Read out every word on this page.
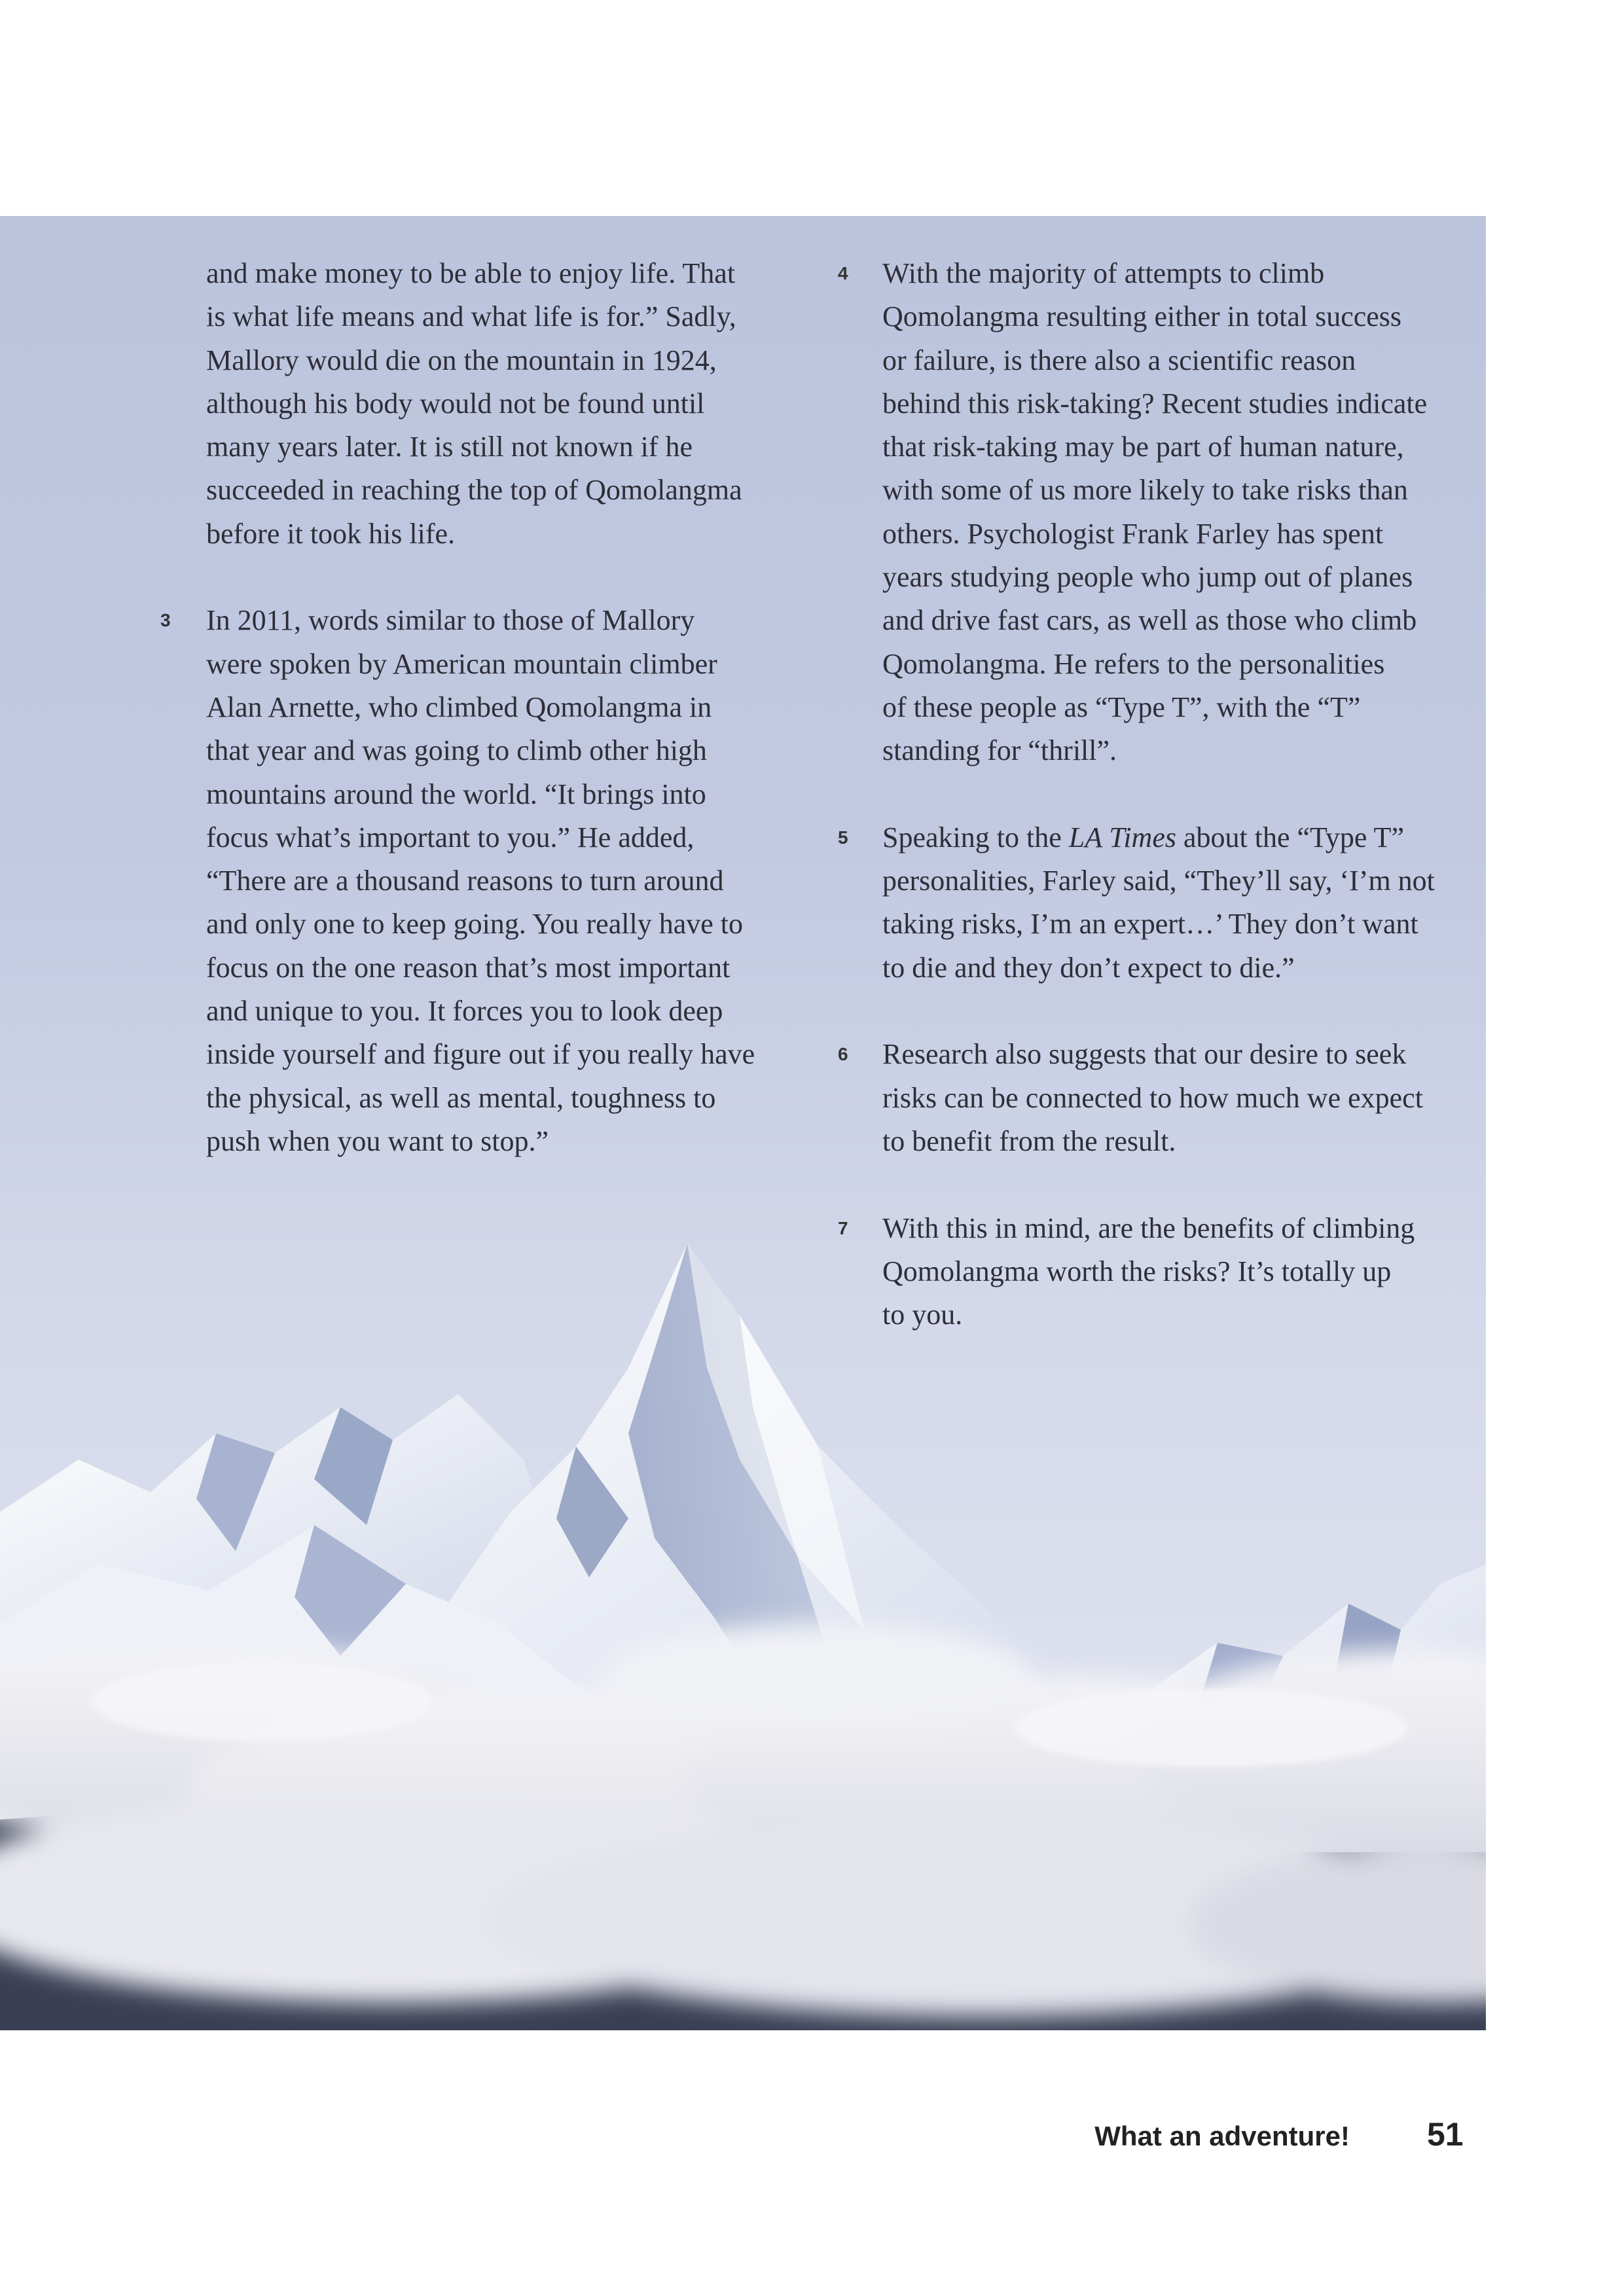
and make money to be able to enjoy life. That
is what life means and what life is for.” Sadly,
Mallory would die on the mountain in 1924,
although his body would not be found until
many years later. It is still not known if he
succeeded in reaching the top of Qomolangma
before it took his life.
3 In 2011, words similar to those of Mallory
were spoken by American mountain climber
Alan Arnette, who climbed Qomolangma in
that year and was going to climb other high
mountains around the world. “It brings into
focus what’s important to you.” He added,
“There are a thousand reasons to turn around
and only one to keep going. You really have to
focus on the one reason that’s most important
and unique to you. It forces you to look deep
inside yourself and figure out if you really have
the physical, as well as mental, toughness to
push when you want to stop.”
4 With the majority of attempts to climb
Qomolangma resulting either in total success
or failure, is there also a scientific reason
behind this risk-taking? Recent studies indicate
that risk-taking may be part of human nature,
with some of us more likely to take risks than
others. Psychologist Frank Farley has spent
years studying people who jump out of planes
and drive fast cars, as well as those who climb
Qomolangma. He refers to the personalities
of these people as “Type T”, with the “T”
standing for “thrill”.
5 Speaking to the LA Times about the “Type T”
personalities, Farley said, “They’ll say, ‘I’m not
taking risks, I’m an expert…’ They don’t want
to die and they don’t expect to die.”
6 Research also suggests that our desire to seek
risks can be connected to how much we expect
to benefit from the result.
7 With this in mind, are the benefits of climbing
Qomolangma worth the risks? It’s totally up
to you.
What an adventure! 51
